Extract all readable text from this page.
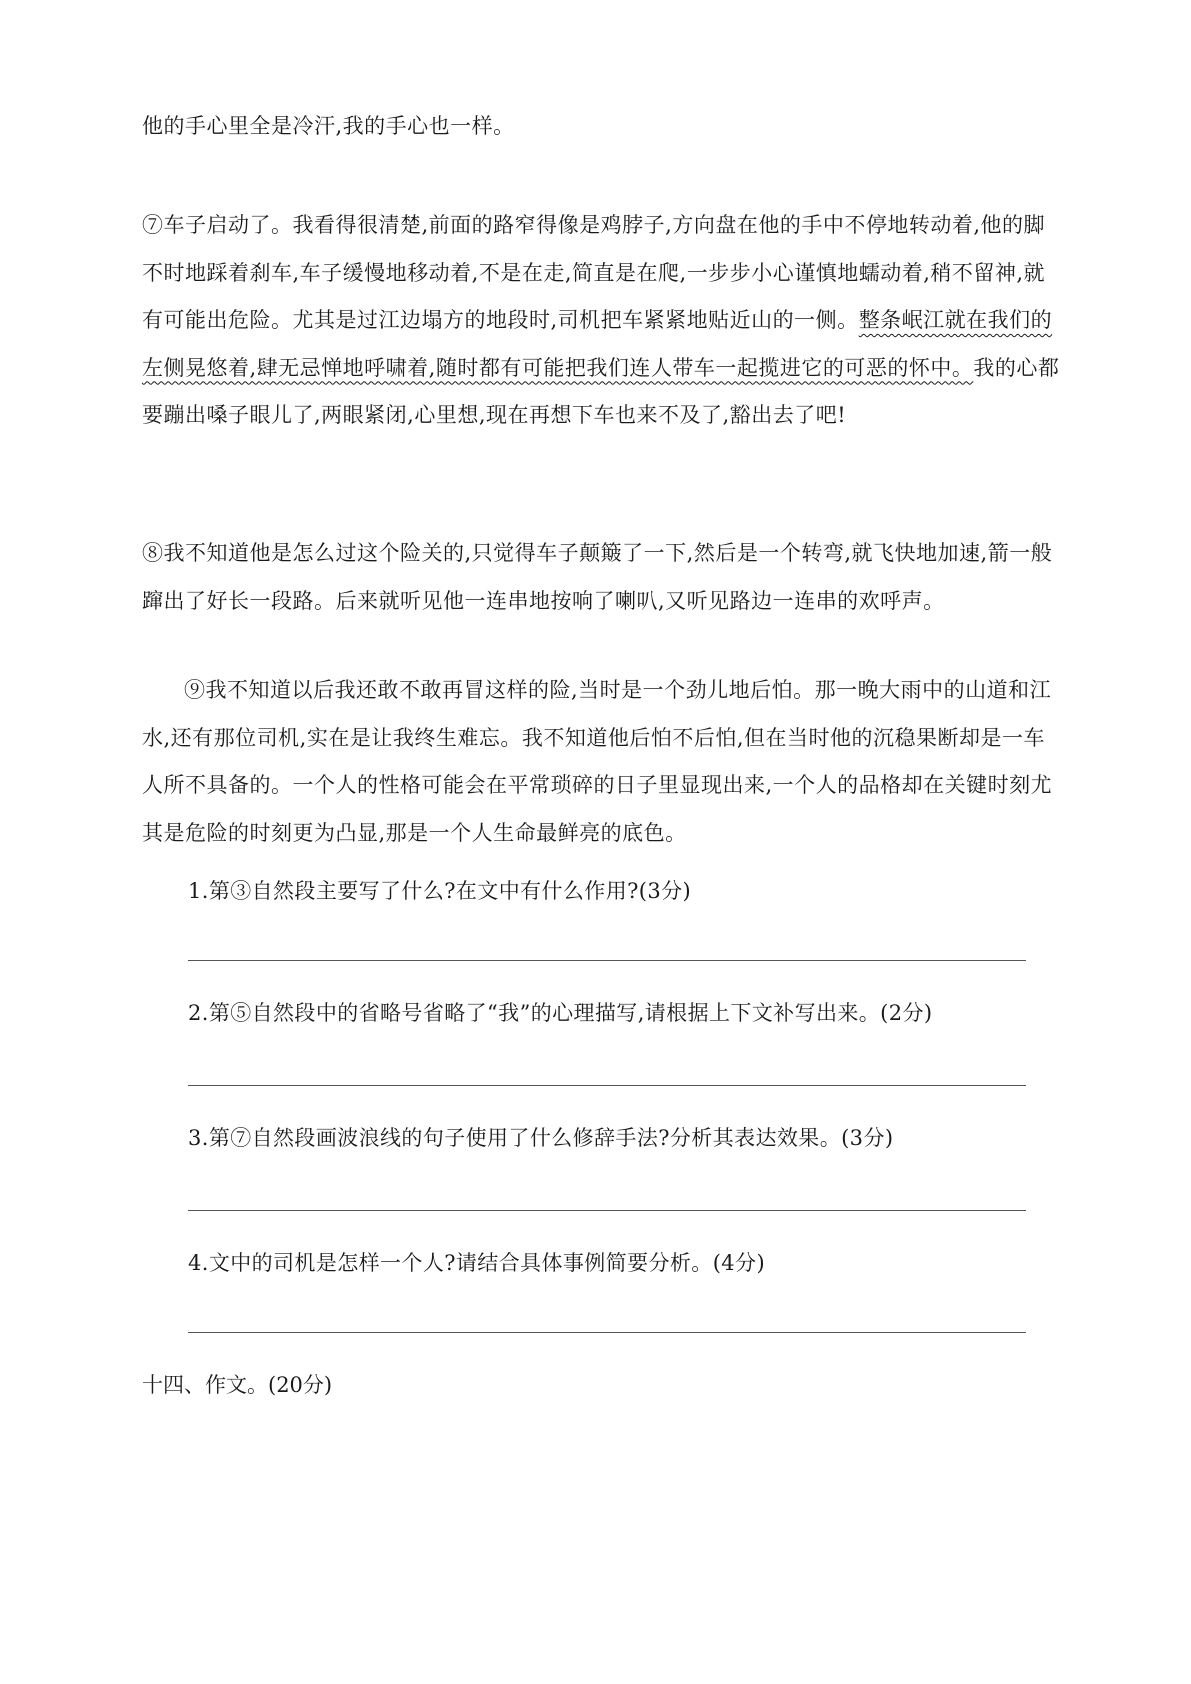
他的手心里全是冷汗,我的手心也一样。

⑦车子启动了。我看得很清楚,前面的路窄得像是鸡脖子,方向盘在他的手中不停地转动着,他的脚不时地踩着刹车,车子缓慢地移动着,不是在走,简直是在爬,一步步小心谨慎地蠕动着,稍不留神,就有可能出危险。尤其是过江边塌方的地段时,司机把车紧紧地贴近山的一侧。整条岷江就在我们的左侧晃悠着,肆无忌惮地呼啸着,随时都有可能把我们连人带车一起揽进它的可恶的怀中。我的心都要蹦出嗓子眼儿了,两眼紧闭,心里想,现在再想下车也来不及了,豁出去了吧!

⑧我不知道他是怎么过这个险关的,只觉得车子颠簸了一下,然后是一个转弯,就飞快地加速,箭一般蹿出了好长一段路。后来就听见他一连串地按响了喇叭,又听见路边一连串的欢呼声。

⑨我不知道以后我还敢不敢再冒这样的险,当时是一个劲儿地后怕。那一晚大雨中的山道和江水,还有那位司机,实在是让我终生难忘。我不知道他后怕不后怕,但在当时他的沉稳果断却是一车人所不具备的。一个人的性格可能会在平常琐碎的日子里显现出来,一个人的品格却在关键时刻尤其是危险的时刻更为凸显,那是一个人生命最鲜亮的底色。

1.第③自然段主要写了什么?在文中有什么作用?(3分)

2.第⑤自然段中的省略号省略了“我”的心理描写,请根据上下文补写出来。(2分)

3.第⑦自然段画波浪线的句子使用了什么修辞手法?分析其表达效果。(3分)

4.文中的司机是怎样一个人?请结合具体事例简要分析。(4分)

十四、作文。(20分)
